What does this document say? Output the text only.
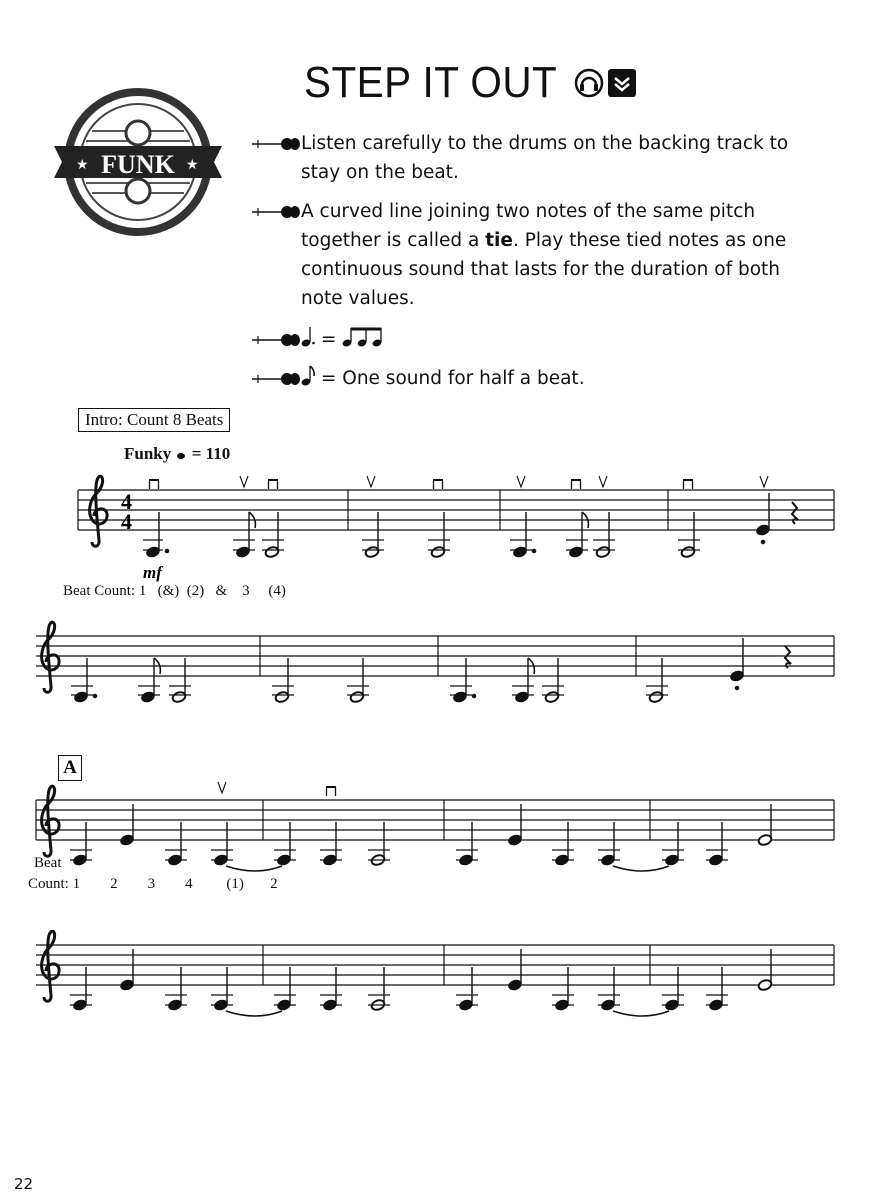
STEP IT OUT
★	★
FUNK
Listen carefully to the drums on the backing track to stay on the beat.
A curved line joining two notes of the same pitch together is called a tie. Play these tied notes as one continuous sound that lasts for the duration of both note values.
=
= One sound for half a beat.
Intro: Count 8 Beats
Funky = 110
4
4
mf
Beat Count: 1   (&)  (2)   &    3     (4)
A
Beat
Count: 1        2        3        4         (1)       2
22
